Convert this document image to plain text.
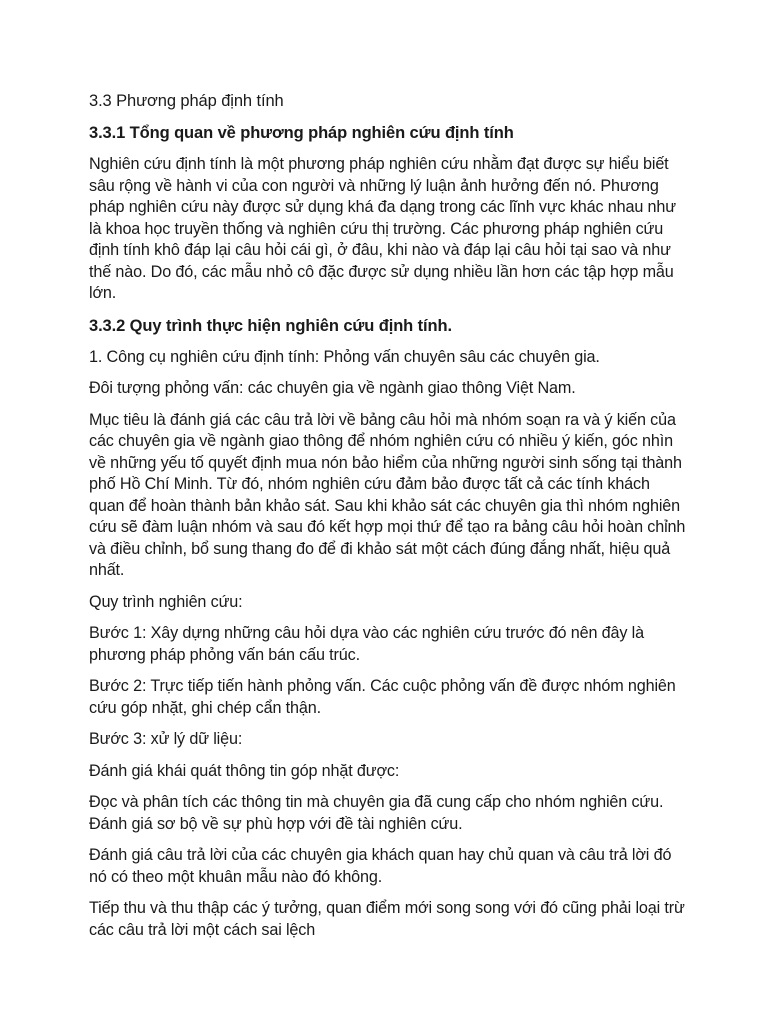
3.3 Phương pháp định tính
3.3.1 Tổng quan về phương pháp nghiên cứu định tính

Nghiên cứu định tính là một phương pháp nghiên cứu nhằm đạt được sự hiểu biết sâu rộng về hành vi của con người và những lý luận ảnh hưởng đến nó. Phương pháp nghiên cứu này được sử dụng khá đa dạng trong các lĩnh vực khác nhau như là khoa học truyền thống và nghiên cứu thị trường. Các phương pháp nghiên cứu định tính khô đáp lại câu hỏi cái gì, ở đâu, khi nào và đáp lại câu hỏi tại sao và như thế nào. Do đó, các mẫu nhỏ cô đặc được sử dụng nhiều lần hơn các tập hợp mẫu lớn.

3.3.2 Quy trình thực hiện nghiên cứu định tính.

1. Công cụ nghiên cứu định tính: Phỏng vấn chuyên sâu các chuyên gia.

Đôi tượng phỏng vấn: các chuyên gia về ngành giao thông Việt Nam.

Mục tiêu là đánh giá các câu trả lời về bảng câu hỏi mà nhóm soạn ra và ý kiến của các chuyên gia về ngành giao thông để nhóm nghiên cứu có nhiều ý kiến, góc nhìn về những yếu tố quyết định mua nón bảo hiểm của những người sinh sống tại thành phố Hồ Chí Minh. Từ đó, nhóm nghiên cứu đảm bảo được tất cả các tính khách quan để hoàn thành bản khảo sát. Sau khi khảo sát các chuyên gia thì nhóm nghiên cứu sẽ đàm luận nhóm và sau đó kết hợp mọi thứ để tạo ra bảng câu hỏi hoàn chỉnh và điều chỉnh, bổ sung thang đo để đi khảo sát một cách đúng đắng nhất, hiệu quả nhất.

Quy trình nghiên cứu:

Bước 1: Xây dựng những câu hỏi dựa vào các nghiên cứu trước đó nên đây là phương pháp phỏng vấn bán cấu trúc.

Bước 2: Trực tiếp tiến hành phỏng vấn. Các cuộc phỏng vấn đề được nhóm nghiên cứu góp nhặt, ghi chép cẩn thận.

Bước 3: xử lý dữ liệu:

Đánh giá khái quát thông tin góp nhặt được:

Đọc và phân tích các thông tin mà chuyên gia đã cung cấp cho nhóm nghiên cứu. Đánh giá sơ bộ về sự phù hợp với đề tài nghiên cứu.

Đánh giá câu trả lời của các chuyên gia khách quan hay chủ quan và câu trả lời đó nó có theo một khuân mẫu nào đó không.

Tiếp thu và thu thập các ý tưởng, quan điểm mới song song với đó cũng phải loại trừ các câu trả lời một cách sai lệch
